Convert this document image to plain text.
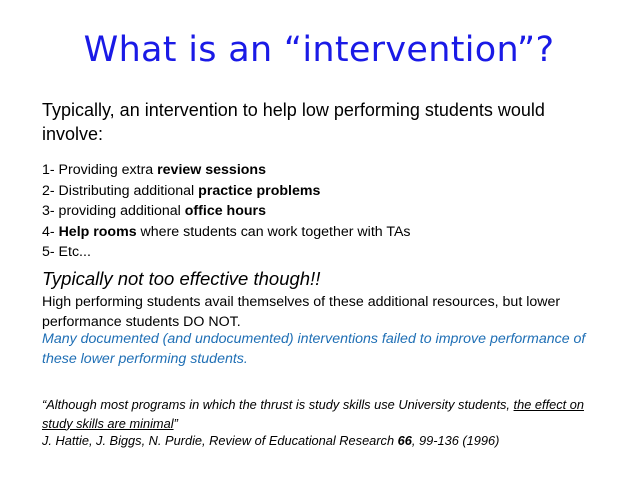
What is an “intervention”?
Typically, an intervention to help low performing students would involve:
1- Providing extra review sessions
2- Distributing additional practice problems
3- providing additional office hours
4- Help rooms where students can work together with TAs
5- Etc...
Typically not too effective though!!
High performing students avail themselves of these additional resources, but lower performance students DO NOT.
Many documented (and undocumented) interventions failed to improve performance of these lower performing students.
“Although most programs in which the thrust is study skills use University students, the effect on study skills are minimal”
J. Hattie, J. Biggs, N. Purdie, Review of Educational Research 66, 99-136 (1996)
